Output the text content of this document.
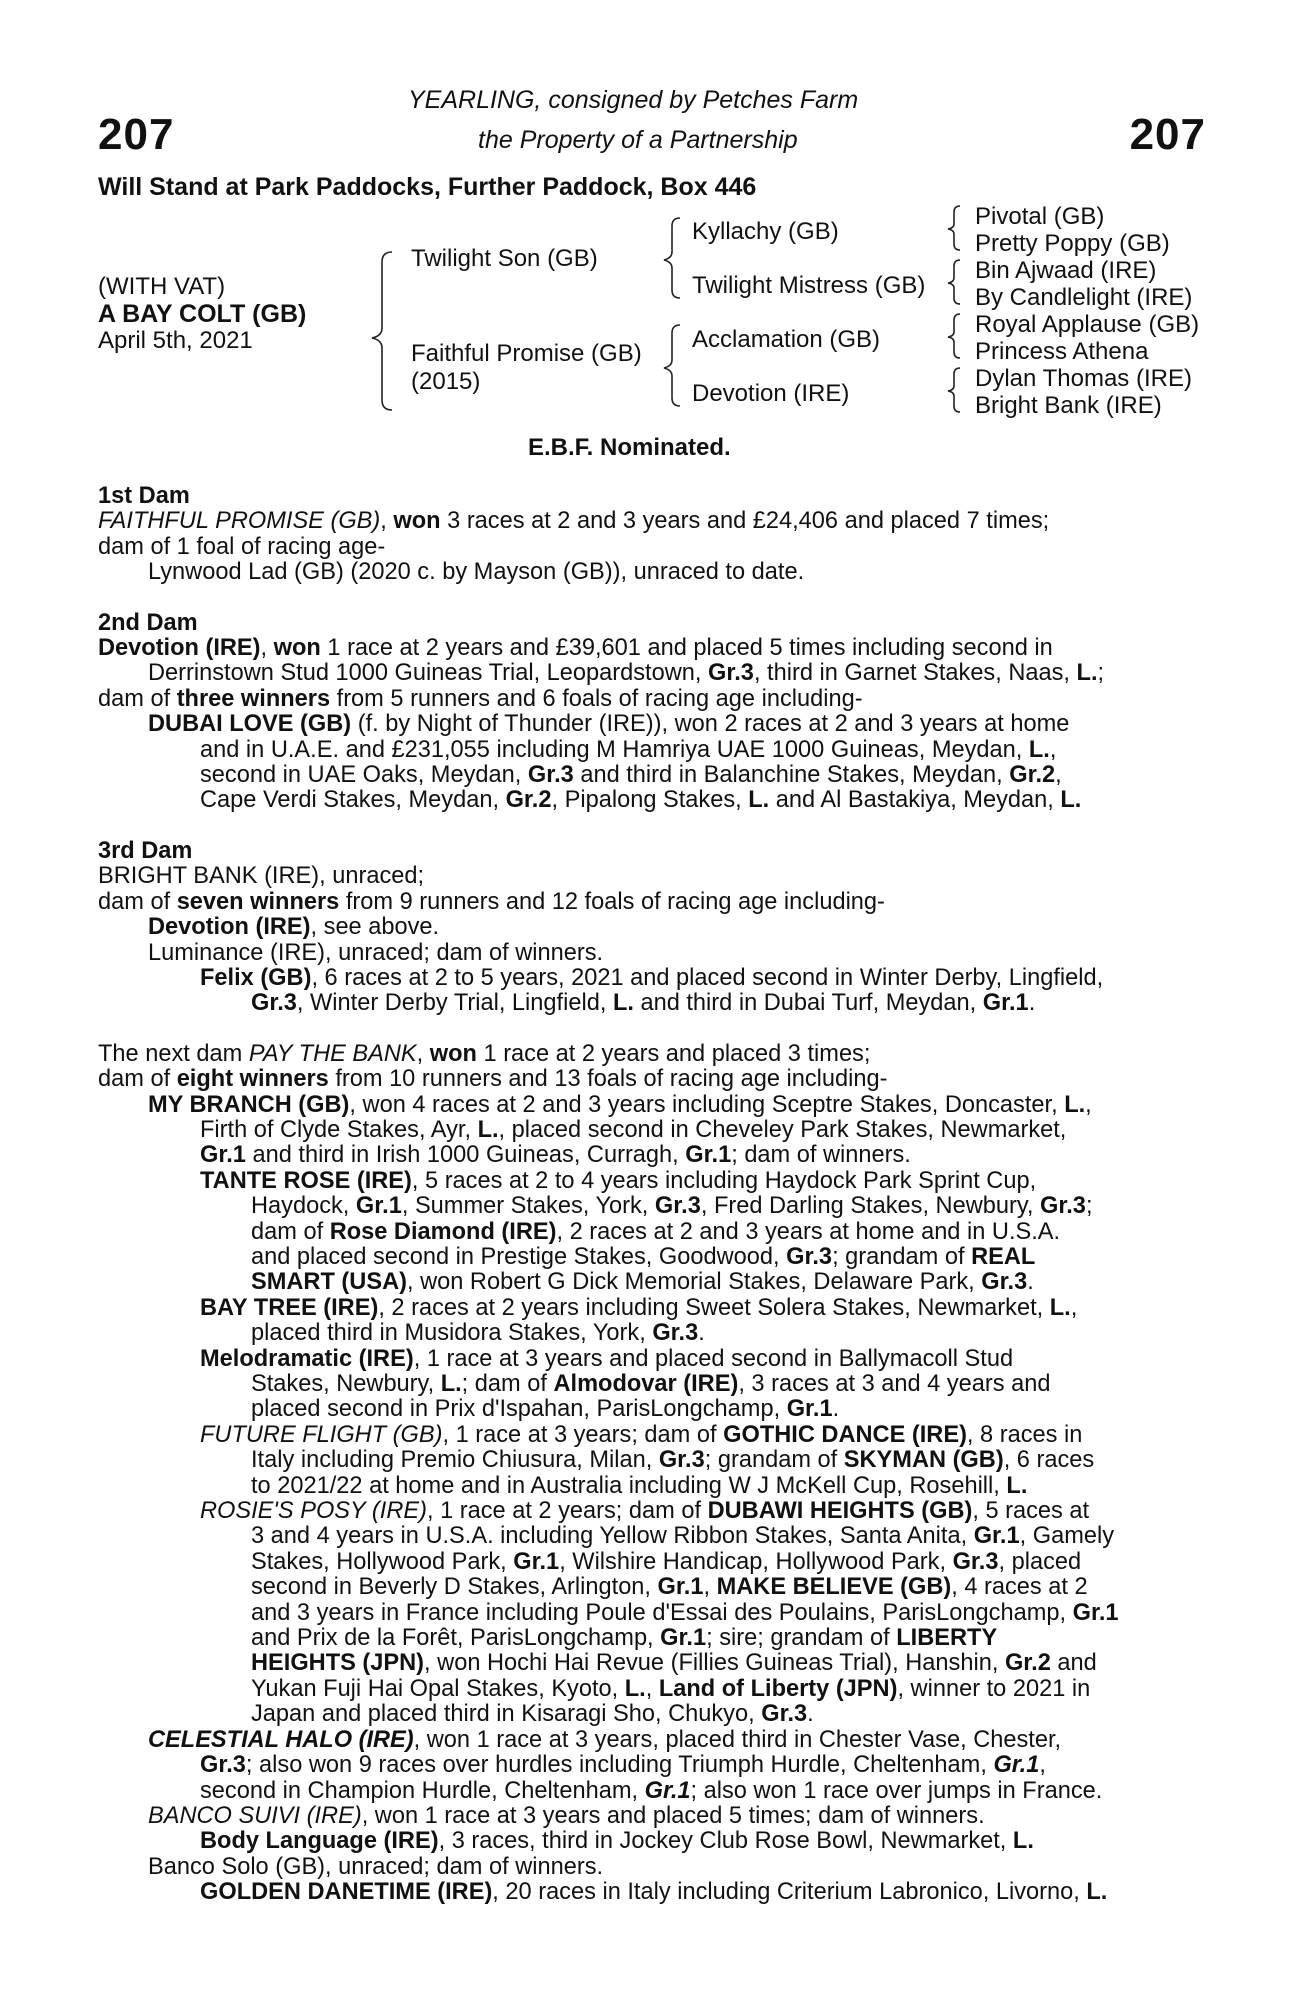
207	207
YEARLING, consigned by Petches Farm
the Property of a Partnership
Will Stand at Park Paddocks, Further Paddock, Box 446
(WITH VAT)
A BAY COLT (GB)
April 5th, 2021
Twilight Son (GB)
Faithful Promise (GB)
(2015)
Kyllachy (GB)
Twilight Mistress (GB)
Acclamation (GB)
Devotion (IRE)
Pivotal (GB)
Pretty Poppy (GB)
Bin Ajwaad (IRE)
By Candlelight (IRE)
Royal Applause (GB)
Princess Athena
Dylan Thomas (IRE)
Bright Bank (IRE)
E.B.F. Nominated.

1st Dam

FAITHFUL PROMISE (GB), won 3 races at 2 and 3 years and £24,406 and placed 7 times;

dam of 1 foal of racing age-

Lynwood Lad (GB) (2020 c. by Mayson (GB)), unraced to date.

2nd Dam

Devotion (IRE), won 1 race at 2 years and £39,601 and placed 5 times including second in

Derrinstown Stud 1000 Guineas Trial, Leopardstown, Gr.3, third in Garnet Stakes, Naas, L.;

dam of three winners from 5 runners and 6 foals of racing age including-

DUBAI LOVE (GB) (f. by Night of Thunder (IRE)), won 2 races at 2 and 3 years at home

and in U.A.E. and £231,055 including M Hamriya UAE 1000 Guineas, Meydan, L.,

second in UAE Oaks, Meydan, Gr.3 and third in Balanchine Stakes, Meydan, Gr.2,

Cape Verdi Stakes, Meydan, Gr.2, Pipalong Stakes, L. and Al Bastakiya, Meydan, L.

3rd Dam

BRIGHT BANK (IRE), unraced;

dam of seven winners from 9 runners and 12 foals of racing age including-

Devotion (IRE), see above.

Luminance (IRE), unraced; dam of winners.

Felix (GB), 6 races at 2 to 5 years, 2021 and placed second in Winter Derby, Lingfield,

Gr.3, Winter Derby Trial, Lingfield, L. and third in Dubai Turf, Meydan, Gr.1.

The next dam PAY THE BANK, won 1 race at 2 years and placed 3 times;

dam of eight winners from 10 runners and 13 foals of racing age including-

MY BRANCH (GB), won 4 races at 2 and 3 years including Sceptre Stakes, Doncaster, L.,

Firth of Clyde Stakes, Ayr, L., placed second in Cheveley Park Stakes, Newmarket,

Gr.1 and third in Irish 1000 Guineas, Curragh, Gr.1; dam of winners.

TANTE ROSE (IRE), 5 races at 2 to 4 years including Haydock Park Sprint Cup,

Haydock, Gr.1, Summer Stakes, York, Gr.3, Fred Darling Stakes, Newbury, Gr.3;

dam of Rose Diamond (IRE), 2 races at 2 and 3 years at home and in U.S.A.

and placed second in Prestige Stakes, Goodwood, Gr.3; grandam of REAL

SMART (USA), won Robert G Dick Memorial Stakes, Delaware Park, Gr.3.

BAY TREE (IRE), 2 races at 2 years including Sweet Solera Stakes, Newmarket, L.,

placed third in Musidora Stakes, York, Gr.3.

Melodramatic (IRE), 1 race at 3 years and placed second in Ballymacoll Stud

Stakes, Newbury, L.; dam of Almodovar (IRE), 3 races at 3 and 4 years and

placed second in Prix d'Ispahan, ParisLongchamp, Gr.1.

FUTURE FLIGHT (GB), 1 race at 3 years; dam of GOTHIC DANCE (IRE), 8 races in

Italy including Premio Chiusura, Milan, Gr.3; grandam of SKYMAN (GB), 6 races

to 2021/22 at home and in Australia including W J McKell Cup, Rosehill, L.

ROSIE'S POSY (IRE), 1 race at 2 years; dam of DUBAWI HEIGHTS (GB), 5 races at

3 and 4 years in U.S.A. including Yellow Ribbon Stakes, Santa Anita, Gr.1, Gamely

Stakes, Hollywood Park, Gr.1, Wilshire Handicap, Hollywood Park, Gr.3, placed

second in Beverly D Stakes, Arlington, Gr.1, MAKE BELIEVE (GB), 4 races at 2

and 3 years in France including Poule d'Essai des Poulains, ParisLongchamp, Gr.1

and Prix de la Forêt, ParisLongchamp, Gr.1; sire; grandam of LIBERTY

HEIGHTS (JPN), won Hochi Hai Revue (Fillies Guineas Trial), Hanshin, Gr.2 and

Yukan Fuji Hai Opal Stakes, Kyoto, L., Land of Liberty (JPN), winner to 2021 in

Japan and placed third in Kisaragi Sho, Chukyo, Gr.3.

CELESTIAL HALO (IRE), won 1 race at 3 years, placed third in Chester Vase, Chester,

Gr.3; also won 9 races over hurdles including Triumph Hurdle, Cheltenham, Gr.1,

second in Champion Hurdle, Cheltenham, Gr.1; also won 1 race over jumps in France.

BANCO SUIVI (IRE), won 1 race at 3 years and placed 5 times; dam of winners.

Body Language (IRE), 3 races, third in Jockey Club Rose Bowl, Newmarket, L.

Banco Solo (GB), unraced; dam of winners.

GOLDEN DANETIME (IRE), 20 races in Italy including Criterium Labronico, Livorno, L.
